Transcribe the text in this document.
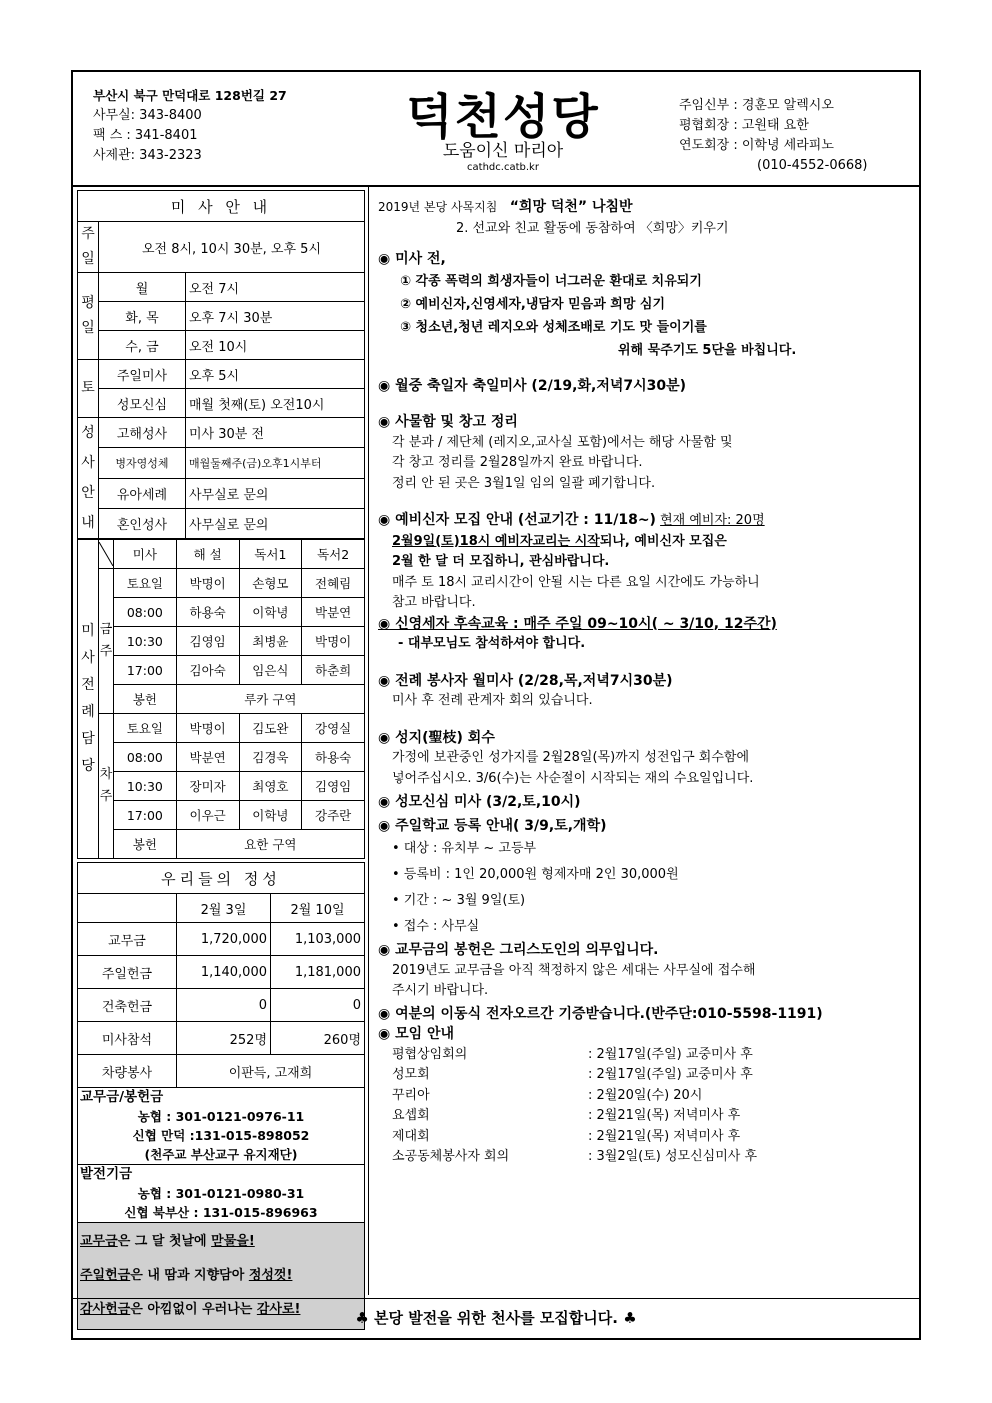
부산시 북구 만덕대로 128번길 27
사무실: 343-8400
팩 스 : 341-8401
사제관: 343-2323
덕천성당
도움이신 마리아
cathdc.catb.kr
주임신부 : 경훈모 알렉시오
평협회장 : 고원태 요한
연도회장 : 이학녕 세라피노
(010-4552-0668)
미 사 안 내		
주일	오전 8시, 10시 30분, 오후 5시	
평일	월	오전 7시
	화, 목	오후 7시 30분
	수, 금	오전 10시
토	주일미사	오후 5시
	성모신심	매월 첫째(토) 오전10시
성사안내	고해성사	미사 30분 전
	병자영성체	매월둘째주(금)오후1시부터
	유아세례	사무실로 문의
	혼인성사	사무실로 문의
미사전례담당		미사	해 설	독서1	독서2
	금주	토요일	박명이	손형모	전혜림
		08:00	하용숙	이학녕	박분연
		10:30	김영임	최병윤	박명이
		17:00	김아숙	임은식	하춘희
		봉헌	루카 구역		
	차주	토요일	박명이	김도완	강영실
		08:00	박분연	김경욱	하용숙
		10:30	장미자	최영호	김영임
		17:00	이우근	이학녕	강주란
		봉헌	요한 구역		
우리들의 정성		
	2월 3일	2월 10일
교무금	1,720,000	1,103,000
주일헌금	1,140,000	1,181,000
건축헌금	0	0
미사참석	252명	260명
차량봉사	이판득, 고재희	
교무금/봉헌금
농협 : 301-0121-0976-11
신협 만덕 :131-015-898052
(천주교 부산교구 유지재단)
발전기금
농협 : 301-0121-0980-31
신협 북부산 : 131-015-896963
교무금은 그 달 첫날에 맏물을!
주일헌금은 내 땀과 지향담아 정성껏!
감사헌금은 아낌없이 우러나는 감사로!
2019년 본당 사목지침 “희망 덕천” 나침반
2. 선교와 친교 활동에 동참하여 〈희망〉키우기
◉ 미사 전,
① 각종 폭력의 희생자들이 너그러운 환대로 치유되기
② 예비신자,신영세자,냉담자 믿음과 희망 심기
③ 청소년,청년 레지오와 성체조배로 기도 맛 들이기를
위해 묵주기도 5단을 바칩니다.
◉ 월중 축일자 축일미사 (2/19,화,저녁7시30분)
◉ 사물함 및 창고 정리
각 분과 / 제단체 (레지오,교사실 포함)에서는 해당 사물함 및
각 창고 정리를 2월28일까지 완료 바랍니다.
정리 안 된 곳은 3월1일 임의 일괄 폐기합니다.
◉ 예비신자 모집 안내 (선교기간 : 11/18~) 현재 예비자: 20명
2월9일(토)18시 예비자교리는 시작되나, 예비신자 모집은
2월 한 달 더 모집하니, 관심바랍니다.
매주 토 18시 교리시간이 안될 시는 다른 요일 시간에도 가능하니
참고 바랍니다.
◉ 신영세자 후속교육 : 매주 주일 09~10시( ~ 3/10, 12주간)
- 대부모님도 참석하셔야 합니다.
◉ 전례 봉사자 월미사 (2/28,목,저녁7시30분)
미사 후 전례 관계자 회의 있습니다.
◉ 성지(聖枝) 회수
가정에 보관중인 성가지를 2월28일(목)까지 성전입구 회수함에
넣어주십시오. 3/6(수)는 사순절이 시작되는 재의 수요일입니다.
◉ 성모신심 미사 (3/2,토,10시)
◉ 주일학교 등록 안내( 3/9,토,개학)
• 대상 : 유치부 ~ 고등부
• 등록비 : 1인 20,000원 형제자매 2인 30,000원
• 기간 : ~ 3월 9일(토)
• 접수 : 사무실
◉ 교무금의 봉헌은 그리스도인의 의무입니다.
2019년도 교무금을 아직 책정하지 않은 세대는 사무실에 접수해
주시기 바랍니다.
◉ 여분의 이동식 전자오르간 기증받습니다.(반주단:010-5598-1191)
◉ 모임 안내
평협상임회의	: 2월17일(주일) 교중미사 후
성모회	: 2월17일(주일) 교중미사 후
꾸리아	: 2월20일(수) 20시
요셉회	: 2월21일(목) 저녁미사 후
제대회	: 2월21일(목) 저녁미사 후
소공동체봉사자 회의	: 3월2일(토) 성모신심미사 후
♣ 본당 발전을 위한 천사를 모집합니다. ♣
